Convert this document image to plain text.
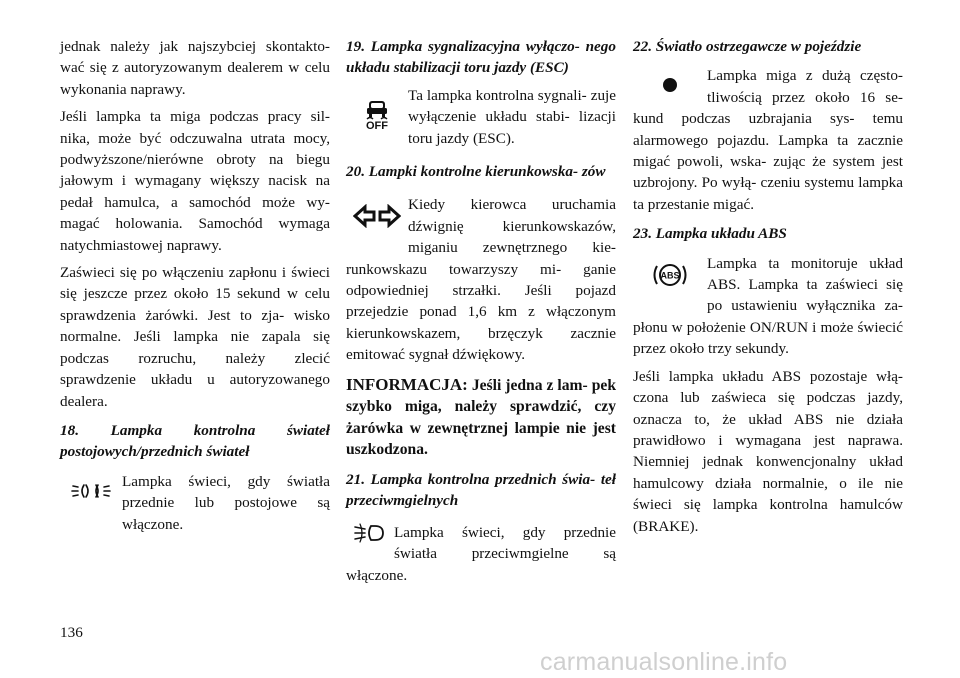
jednak należy jak najszybciej skontakto- wać się z autoryzowanym dealerem w celu wykonania naprawy.

Jeśli lampka ta miga podczas pracy sil- nika, może być odczuwalna utrata mocy, podwyższone/nierówne obroty na biegu jałowym i wymagany większy nacisk na pedał hamulca, a samochód może wy- magać holowania. Samochód wymaga natychmiastowej naprawy.

Zaświeci się po włączeniu zapłonu i świeci się jeszcze przez około 15 sekund w celu sprawdzenia żarówki. Jest to zja- wisko normalne. Jeśli lampka nie zapala się podczas rozruchu, należy zlecić sprawdzenie układu u autoryzowanego dealera.

18. Lampka kontrolna świateł
postojowych/przednich świateł

Lampka świeci, gdy światła przednie lub postojowe są włączone.

19. Lampka sygnalizacyjna wyłączo- nego układu stabilizacji toru jazdy (ESC)
OFF

Ta lampka kontrolna sygnali- zuje wyłączenie układu stabi- lizacji toru jazdy (ESC).

20. Lampki kontrolne kierunkowska- zów

Kiedy kierowca uruchamia dźwignię kierunkowskazów, miganiu zewnętrznego kie- runkowskazu towarzyszy mi- ganie odpowiedniej strzałki. Jeśli pojazd przejedzie ponad 1,6 km z włączonym kierunkowskazem, brzęczyk zacznie emitować sygnał dźwiękowy.

INFORMACJA: Jeśli jedna z lam- pek szybko miga, należy sprawdzić, czy żarówka w zewnętrznej lampie nie jest uszkodzona.
21. Lampka kontrolna przednich świa- teł przeciwmgielnych

Lampka świeci, gdy przednie światła przeciwmgielne są włączone.

22. Światło ostrzegawcze w pojeździe

Lampka miga z dużą często- tliwością przez około 16 se- kund podczas uzbrajania sys- temu alarmowego pojazdu. Lampka ta zacznie migać powoli, wska- zując że system jest uzbrojony. Po wyłą- czeniu systemu lampka ta przestanie migać.

23. Lampka układu ABS
ABS

Lampka ta monitoruje układ ABS. Lampka ta zaświeci się po ustawieniu wyłącznika za- płonu w położenie ON/RUN i może świecić przez około trzy sekundy.

Jeśli lampka układu ABS pozostaje włą- czona lub zaświeca się podczas jazdy, oznacza to, że układ ABS nie działa prawidłowo i wymagana jest naprawa. Niemniej jednak konwencjonalny układ hamulcowy działa normalnie, o ile nie świeci się lampka kontrolna hamulców (BRAKE).

136
carmanualsonline.info
